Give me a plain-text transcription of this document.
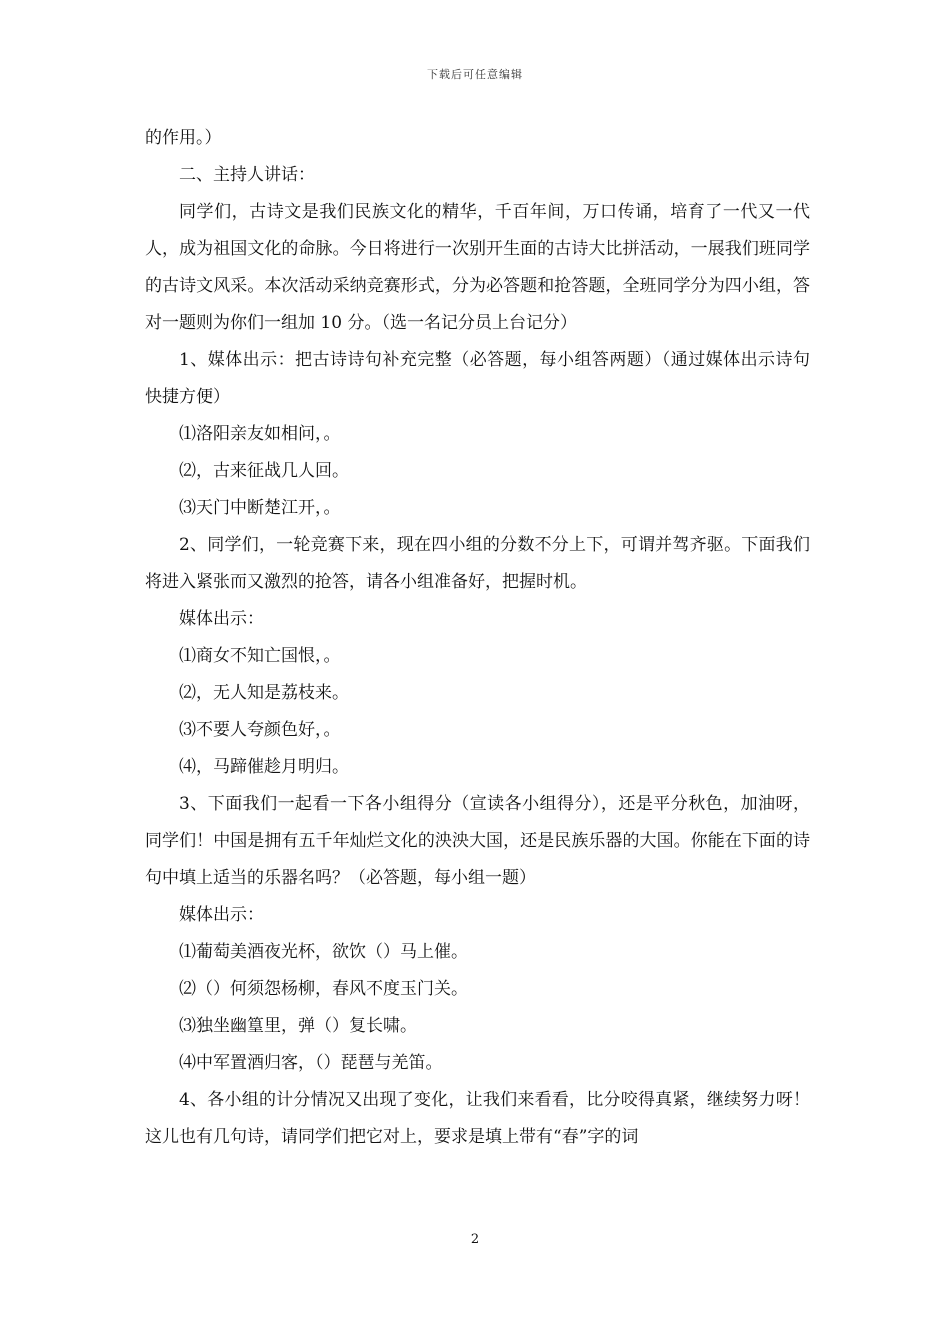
下载后可任意编辑

的作用。）

二、主持人讲话：

同学们，古诗文是我们民族文化的精华，千百年间，万口传诵，培育了一代又一代人，成为祖国文化的命脉。今日将进行一次别开生面的古诗大比拼活动，一展我们班同学的古诗文风采。本次活动采纳竞赛形式，分为必答题和抢答题，全班同学分为四小组，答对一题则为你们一组加 10 分。（选一名记分员上台记分）

1、媒体出示：把古诗诗句补充完整（必答题，每小组答两题）（通过媒体出示诗句快捷方便）

⑴洛阳亲友如相问，。

⑵，古来征战几人回。

⑶天门中断楚江开，。

2、同学们，一轮竞赛下来，现在四小组的分数不分上下，可谓并驾齐驱。下面我们将进入紧张而又激烈的抢答，请各小组准备好，把握时机。

媒体出示：

⑴商女不知亡国恨，。

⑵，无人知是荔枝来。

⑶不要人夸颜色好，。

⑷，马蹄催趁月明归。

3、下面我们一起看一下各小组得分（宣读各小组得分），还是平分秋色，加油呀，同学们！中国是拥有五千年灿烂文化的泱泱大国，还是民族乐器的大国。你能在下面的诗句中填上适当的乐器名吗？（必答题，每小组一题）

媒体出示：

⑴葡萄美酒夜光杯，欲饮（）马上催。

⑵（）何须怨杨柳，春风不度玉门关。

⑶独坐幽篁里，弹（）复长啸。

⑷中军置酒归客，（）琵琶与羌笛。

4、各小组的计分情况又出现了变化，让我们来看看，比分咬得真紧，继续努力呀！这儿也有几句诗，请同学们把它对上，要求是填上带有“春”字的词

2
